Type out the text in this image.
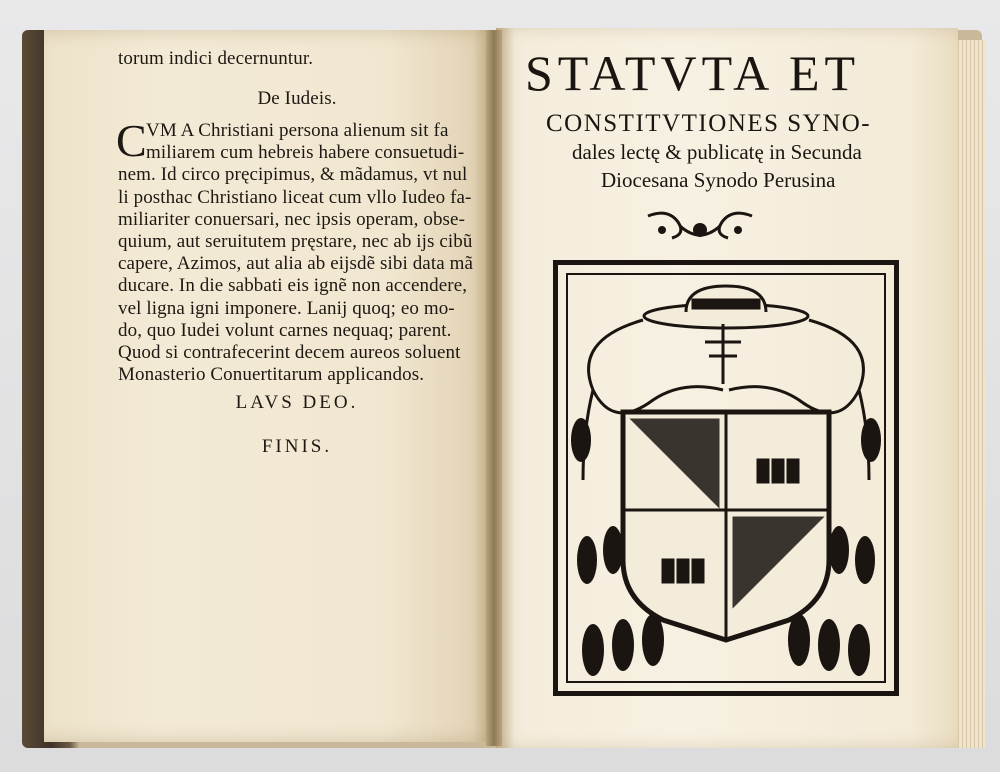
torum indici decernuntur.
De Iudeis.
C VM A Christiani persona alienum sit fa
miliarem cum hebreis habere consuetudi-
nem. Id circo pręcipimus, & mãdamus, vt nul
li posthac Christiano liceat cum vllo Iudeo fa-
miliariter conuersari, nec ipsis operam, obse-
quium, aut seruitutem pręstare, nec ab ijs cibũ
capere, Azimos, aut alia ab eijsdẽ sibi data mã
ducare. In die sabbati eis ignẽ non accendere,
vel ligna igni imponere. Lanij quoq; eo mo-
do, quo Iudei volunt carnes nequaq; parent.
Quod si contrafecerint decem aureos soluent
Monasterio Conuertitarum applicandos.
LAVS DEO.
FINIS.
STATVTA ET
CONSTITVTIONES SYNO-
dales lectę & publicatę in Secunda
Diocesana Synodo Perusina
